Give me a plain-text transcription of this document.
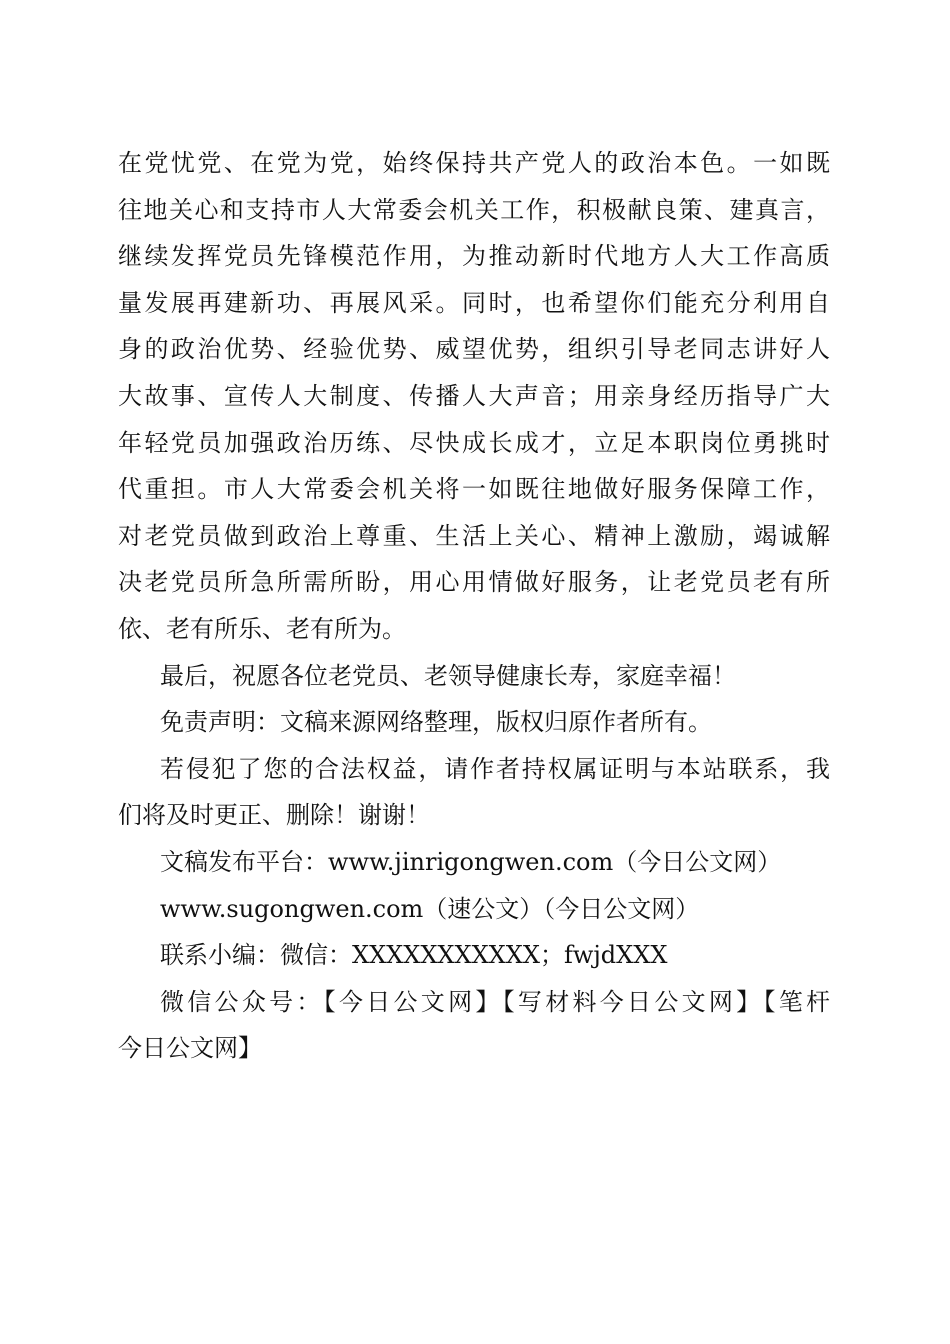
在党忧党、在党为党，始终保持共产党人的政治本色。一如既
往地关心和支持市人大常委会机关工作，积极献良策、建真言，
继续发挥党员先锋模范作用，为推动新时代地方人大工作高质
量发展再建新功、再展风采。同时，也希望你们能充分利用自
身的政治优势、经验优势、威望优势，组织引导老同志讲好人
大故事、宣传人大制度、传播人大声音；用亲身经历指导广大
年轻党员加强政治历练、尽快成长成才，立足本职岗位勇挑时
代重担。市人大常委会机关将一如既往地做好服务保障工作，
对老党员做到政治上尊重、生活上关心、精神上激励，竭诚解
决老党员所急所需所盼，用心用情做好服务，让老党员老有所
依、老有所乐、老有所为。
最后，祝愿各位老党员、老领导健康长寿，家庭幸福！
免责声明：文稿来源网络整理，版权归原作者所有。
若侵犯了您的合法权益，请作者持权属证明与本站联系，我
们将及时更正、删除！谢谢！
文稿发布平台：www.jinrigongwen.com（今日公文网）
www.sugongwen.com（速公文）（今日公文网）
联系小编：微信：XXXXXXXXXXX；fwjdXXX
微信公众号：【今日公文网】【写材料今日公文网】【笔杆
今日公文网】
